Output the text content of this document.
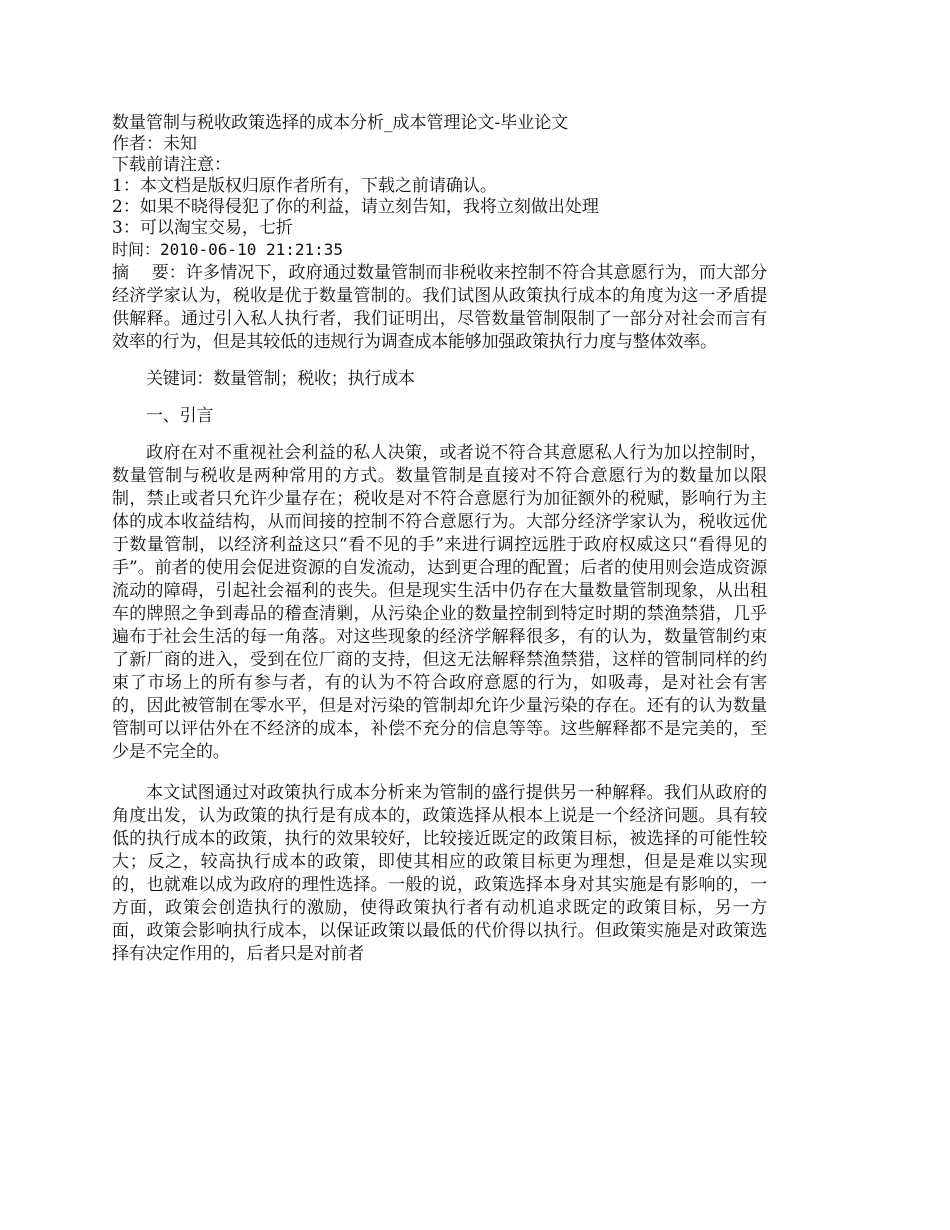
数量管制与税收政策选择的成本分析_成本管理论文-毕业论文

作者：未知

下载前请注意：

1：本文档是版权归原作者所有，下载之前请确认。

2：如果不晓得侵犯了你的利益，请立刻告知，我将立刻做出处理

3：可以淘宝交易，七折

时间：2010-06-10 21:21:35

摘　 要：许多情况下，政府通过数量管制而非税收来控制不符合其意愿行为，而大部分经济学家认为，税收是优于数量管制的。我们试图从政策执行成本的角度为这一矛盾提供解释。通过引入私人执行者，我们证明出，尽管数量管制限制了一部分对社会而言有效率的行为，但是其较低的违规行为调查成本能够加强政策执行力度与整体效率。

关键词：数量管制；税收；执行成本

一、引言

政府在对不重视社会利益的私人决策，或者说不符合其意愿私人行为加以控制时，数量管制与税收是两种常用的方式。数量管制是直接对不符合意愿行为的数量加以限制，禁止或者只允许少量存在；税收是对不符合意愿行为加征额外的税赋，影响行为主体的成本收益结构，从而间接的控制不符合意愿行为。大部分经济学家认为，税收远优于数量管制，以经济利益这只“看不见的手”来进行调控远胜于政府权威这只“看得见的手”。前者的使用会促进资源的自发流动，达到更合理的配置；后者的使用则会造成资源流动的障碍，引起社会福利的丧失。但是现实生活中仍存在大量数量管制现象，从出租车的牌照之争到毒品的稽查清剿，从污染企业的数量控制到特定时期的禁渔禁猎，几乎遍布于社会生活的每一角落。对这些现象的经济学解释很多，有的认为，数量管制约束了新厂商的进入，受到在位厂商的支持，但这无法解释禁渔禁猎，这样的管制同样的约束了市场上的所有参与者，有的认为不符合政府意愿的行为，如吸毒，是对社会有害的，因此被管制在零水平，但是对污染的管制却允许少量污染的存在。还有的认为数量管制可以评估外在不经济的成本，补偿不充分的信息等等。这些解释都不是完美的，至少是不完全的。

本文试图通过对政策执行成本分析来为管制的盛行提供另一种解释。我们从政府的角度出发，认为政策的执行是有成本的，政策选择从根本上说是一个经济问题。具有较低的执行成本的政策，执行的效果较好，比较接近既定的政策目标，被选择的可能性较大；反之，较高执行成本的政策，即使其相应的政策目标更为理想，但是是难以实现的，也就难以成为政府的理性选择。一般的说，政策选择本身对其实施是有影响的，一方面，政策会创造执行的激励，使得政策执行者有动机追求既定的政策目标，另一方面，政策会影响执行成本，以保证政策以最低的代价得以执行。但政策实施是对政策选择有决定作用的，后者只是对前者
